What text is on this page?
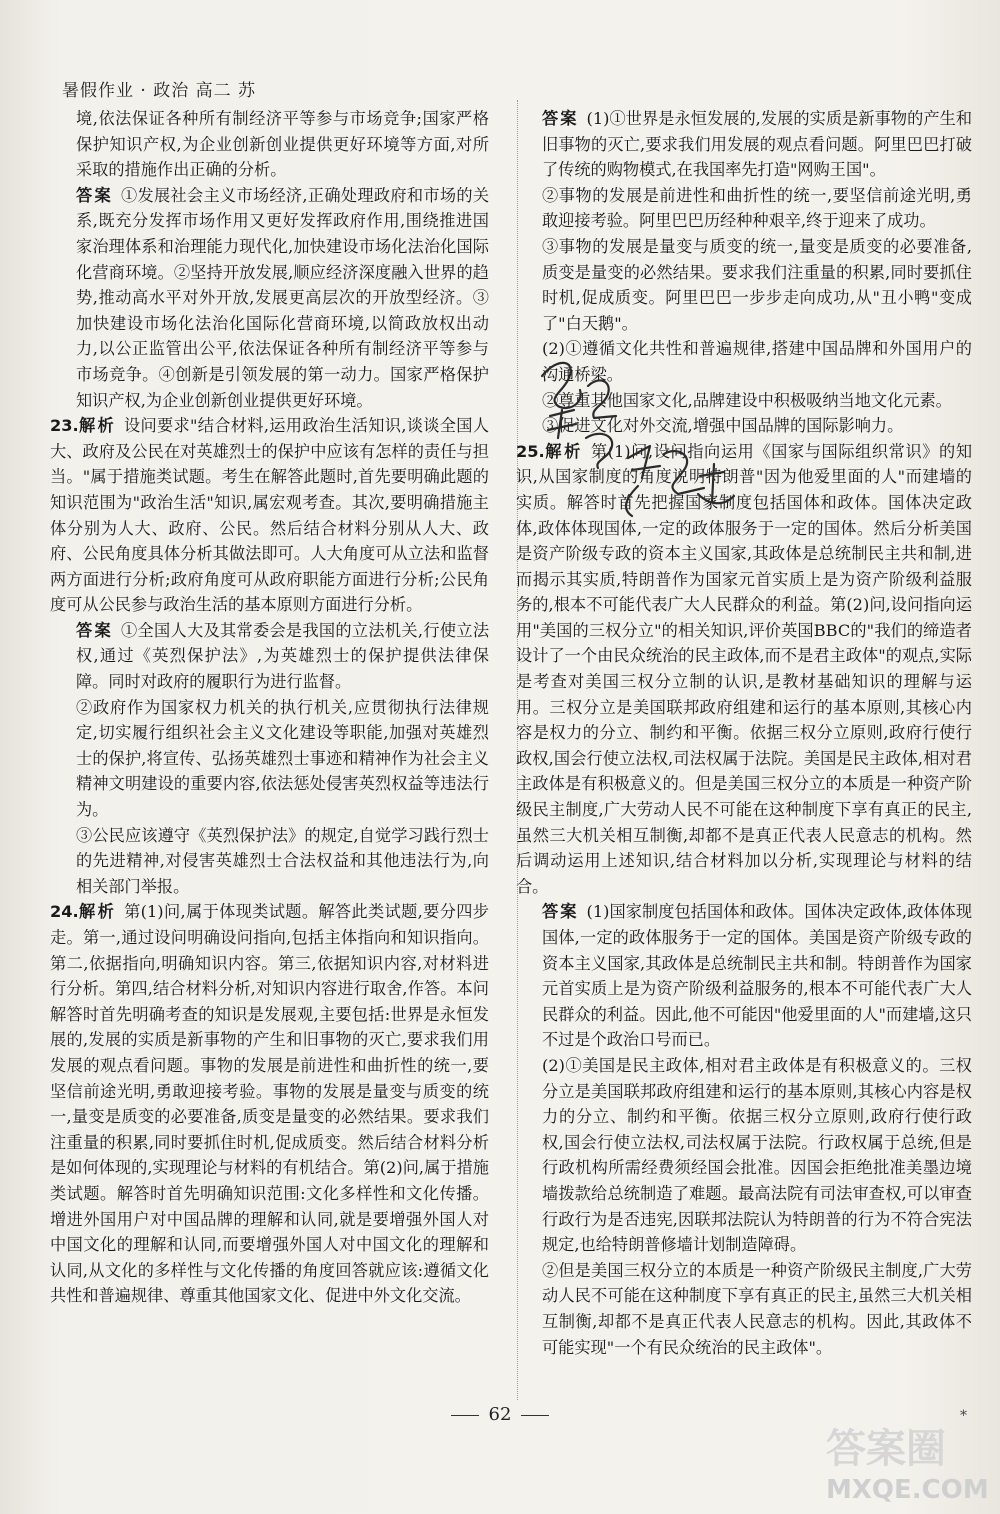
暑假作业 · 政治 高二 苏

境,依法保证各种所有制经济平等参与市场竞争;国家严格保护知识产权,为企业创新创业提供更好环境等方面,对所采取的措施作出正确的分析。

答案 ①发展社会主义市场经济,正确处理政府和市场的关系,既充分发挥市场作用又更好发挥政府作用,围绕推进国家治理体系和治理能力现代化,加快建设市场化法治化国际化营商环境。②坚持开放发展,顺应经济深度融入世界的趋势,推动高水平对外开放,发展更高层次的开放型经济。③加快建设市场化法治化国际化营商环境,以简政放权出动力,以公正监管出公平,依法保证各种所有制经济平等参与市场竞争。④创新是引领发展的第一动力。国家严格保护知识产权,为企业创新创业提供更好环境。

23.解析 设问要求"结合材料,运用政治生活知识,谈谈全国人大、政府及公民在对英雄烈士的保护中应该有怎样的责任与担当。"属于措施类试题。考生在解答此题时,首先要明确此题的知识范围为"政治生活"知识,属宏观考查。其次,要明确措施主体分别为人大、政府、公民。然后结合材料分别从人大、政府、公民角度具体分析其做法即可。人大角度可从立法和监督两方面进行分析;政府角度可从政府职能方面进行分析;公民角度可从公民参与政治生活的基本原则方面进行分析。

答案 ①全国人大及其常委会是我国的立法机关,行使立法权,通过《英烈保护法》,为英雄烈士的保护提供法律保障。同时对政府的履职行为进行监督。

②政府作为国家权力机关的执行机关,应贯彻执行法律规定,切实履行组织社会主义文化建设等职能,加强对英雄烈士的保护,将宣传、弘扬英雄烈士事迹和精神作为社会主义精神文明建设的重要内容,依法惩处侵害英烈权益等违法行为。

③公民应该遵守《英烈保护法》的规定,自觉学习践行烈士的先进精神,对侵害英雄烈士合法权益和其他违法行为,向相关部门举报。

24.解析 第(1)问,属于体现类试题。解答此类试题,要分四步走。第一,通过设问明确设问指向,包括主体指向和知识指向。第二,依据指向,明确知识内容。第三,依据知识内容,对材料进行分析。第四,结合材料分析,对知识内容进行取舍,作答。本问解答时首先明确考查的知识是发展观,主要包括:世界是永恒发展的,发展的实质是新事物的产生和旧事物的灭亡,要求我们用发展的观点看问题。事物的发展是前进性和曲折性的统一,要坚信前途光明,勇敢迎接考验。事物的发展是量变与质变的统一,量变是质变的必要准备,质变是量变的必然结果。要求我们注重量的积累,同时要抓住时机,促成质变。然后结合材料分析是如何体现的,实现理论与材料的有机结合。第(2)问,属于措施类试题。解答时首先明确知识范围:文化多样性和文化传播。增进外国用户对中国品牌的理解和认同,就是要增强外国人对中国文化的理解和认同,而要增强外国人对中国文化的理解和认同,从文化的多样性与文化传播的角度回答就应该:遵循文化共性和普遍规律、尊重其他国家文化、促进中外文化交流。

答案 (1)①世界是永恒发展的,发展的实质是新事物的产生和旧事物的灭亡,要求我们用发展的观点看问题。阿里巴巴打破了传统的购物模式,在我国率先打造"网购王国"。

②事物的发展是前进性和曲折性的统一,要坚信前途光明,勇敢迎接考验。阿里巴巴历经种种艰辛,终于迎来了成功。

③事物的发展是量变与质变的统一,量变是质变的必要准备,质变是量变的必然结果。要求我们注重量的积累,同时要抓住时机,促成质变。阿里巴巴一步步走向成功,从"丑小鸭"变成了"白天鹅"。

(2)①遵循文化共性和普遍规律,搭建中国品牌和外国用户的沟通桥梁。

②尊重其他国家文化,品牌建设中积极吸纳当地文化元素。

③促进文化对外交流,增强中国品牌的国际影响力。

25.解析 第(1)问,设问指向运用《国家与国际组织常识》的知识,从国家制度的角度说明特朗普"因为他爱里面的人"而建墙的实质。解答时首先把握国家制度包括国体和政体。国体决定政体,政体体现国体,一定的政体服务于一定的国体。然后分析美国是资产阶级专政的资本主义国家,其政体是总统制民主共和制,进而揭示其实质,特朗普作为国家元首实质上是为资产阶级利益服务的,根本不可能代表广大人民群众的利益。第(2)问,设问指向运用"美国的三权分立"的相关知识,评价英国BBC的"我们的缔造者设计了一个由民众统治的民主政体,而不是君主政体"的观点,实际是考查对美国三权分立制的认识,是教材基础知识的理解与运用。三权分立是美国联邦政府组建和运行的基本原则,其核心内容是权力的分立、制约和平衡。依据三权分立原则,政府行使行政权,国会行使立法权,司法权属于法院。美国是民主政体,相对君主政体是有积极意义的。但是美国三权分立的本质是一种资产阶级民主制度,广大劳动人民不可能在这种制度下享有真正的民主,虽然三大机关相互制衡,却都不是真正代表人民意志的机构。然后调动运用上述知识,结合材料加以分析,实现理论与材料的结合。

答案 (1)国家制度包括国体和政体。国体决定政体,政体体现国体,一定的政体服务于一定的国体。美国是资产阶级专政的资本主义国家,其政体是总统制民主共和制。特朗普作为国家元首实质上是为资产阶级利益服务的,根本不可能代表广大人民群众的利益。因此,他不可能因"他爱里面的人"而建墙,这只不过是个政治口号而已。

(2)①美国是民主政体,相对君主政体是有积极意义的。三权分立是美国联邦政府组建和运行的基本原则,其核心内容是权力的分立、制约和平衡。依据三权分立原则,政府行使行政权,国会行使立法权,司法权属于法院。行政权属于总统,但是行政机构所需经费须经国会批准。因国会拒绝批准美墨边境墙拨款给总统制造了难题。最高法院有司法审查权,可以审查行政行为是否违宪,因联邦法院认为特朗普的行为不符合宪法规定,也给特朗普修墙计划制造障碍。

②但是美国三权分立的本质是一种资产阶级民主制度,广大劳动人民不可能在这种制度下享有真正的民主,虽然三大机关相互制衡,却都不是真正代表人民意志的机构。因此,其政体不可能实现"一个有民众统治的民主政体"。

62	*
答案圈
MXQE.COM
